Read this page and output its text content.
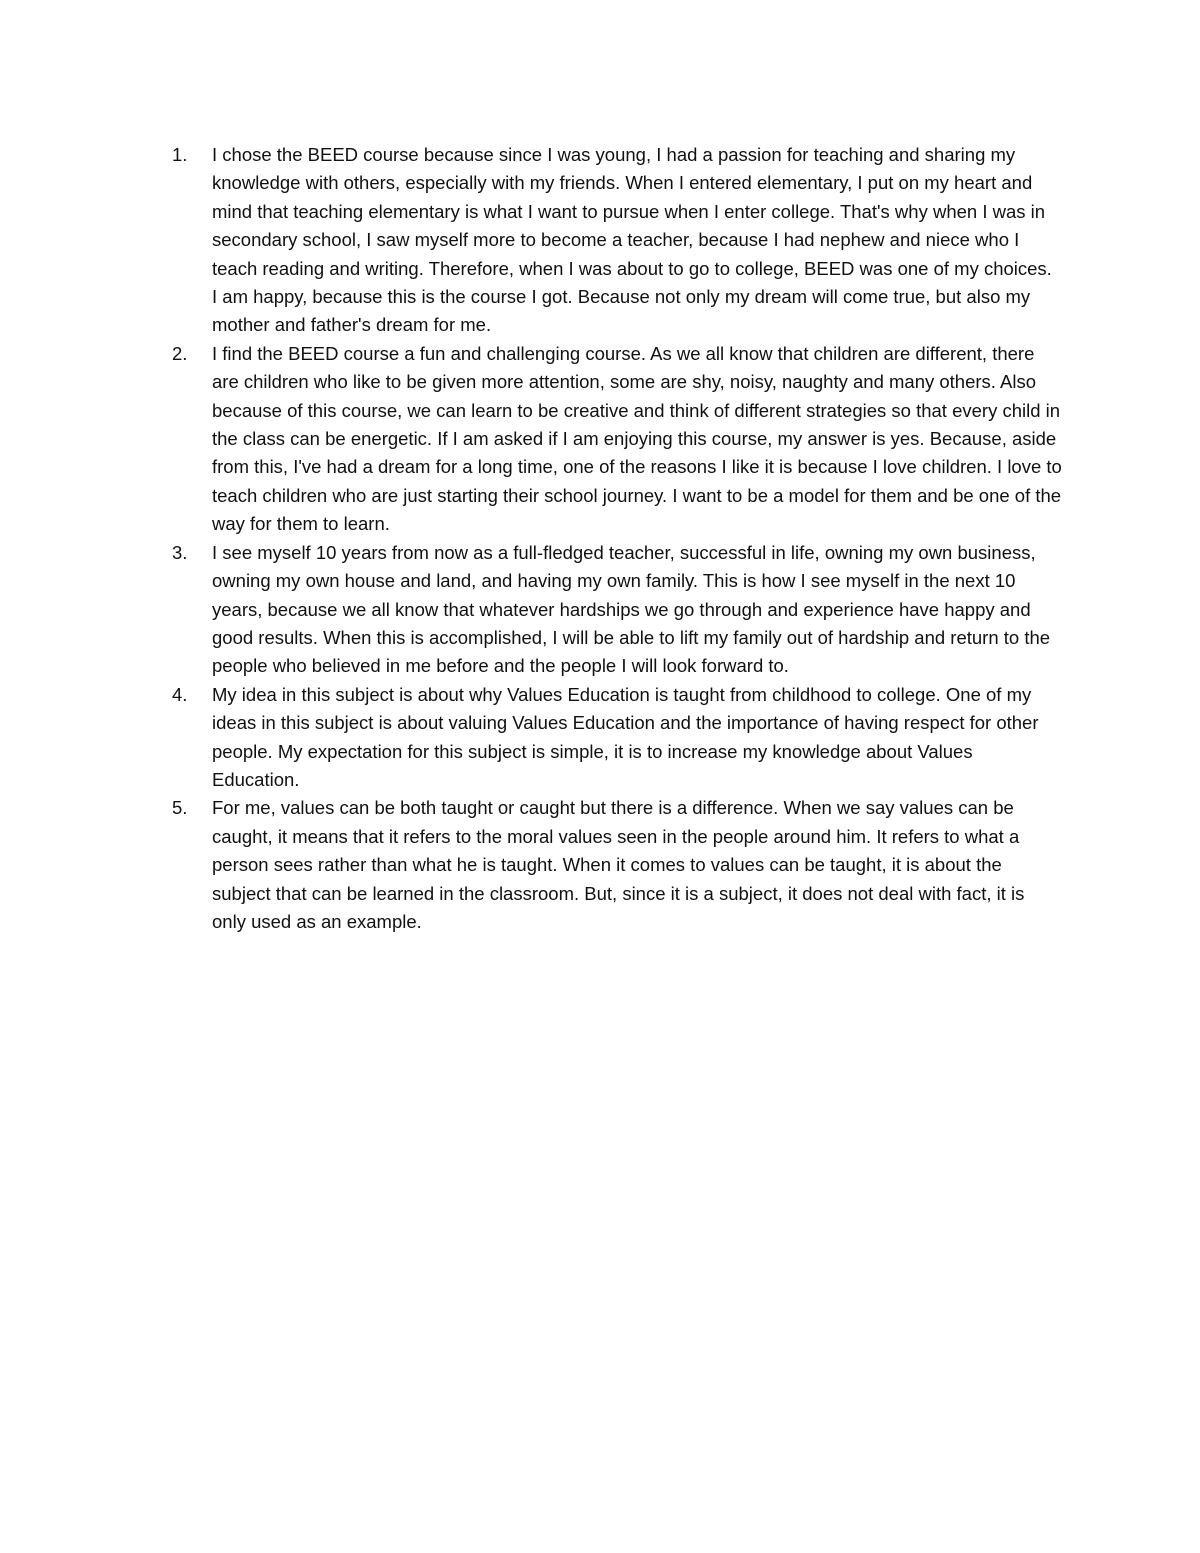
1.	I chose the BEED course because since I was young, I had a passion for teaching and sharing my knowledge with others, especially with my friends. When I entered elementary, I put on my heart and mind that teaching elementary is what I want to pursue when I enter college. That's why when I was in secondary school, I saw myself more to become a teacher, because I had nephew and niece who I teach reading and writing. Therefore, when I was about to go to college, BEED was one of my choices. I am happy, because this is the course I got. Because not only my dream will come true, but also my mother and father's dream for me.
2.	I find the BEED course a fun and challenging course. As we all know that children are different, there are children who like to be given more attention, some are shy, noisy, naughty and many others. Also because of this course, we can learn to be creative and think of different strategies so that every child in the class can be energetic. If I am asked if I am enjoying this course, my answer is yes. Because, aside from this, I've had a dream for a long time, one of the reasons I like it is because I love children. I love to teach children who are just starting their school journey. I want to be a model for them and be one of the way for them to learn.
3.	I see myself 10 years from now as a full-fledged teacher, successful in life, owning my own business, owning my own house and land, and having my own family. This is how I see myself in the next 10 years, because we all know that whatever hardships we go through and experience have happy and good results. When this is accomplished, I will be able to lift my family out of hardship and return to the people who believed in me before and the people I will look forward to.
4.	My idea in this subject is about why Values Education is taught from childhood to college. One of my ideas in this subject is about valuing Values Education and the importance of having respect for other people. My expectation for this subject is simple, it is to increase my knowledge about Values Education.
5.	For me, values can be both taught or caught but there is a difference. When we say values can be caught, it means that it refers to the moral values seen in the people around him. It refers to what a person sees rather than what he is taught. When it comes to values can be taught, it is about the subject that can be learned in the classroom. But, since it is a subject, it does not deal with fact, it is only used as an example.
